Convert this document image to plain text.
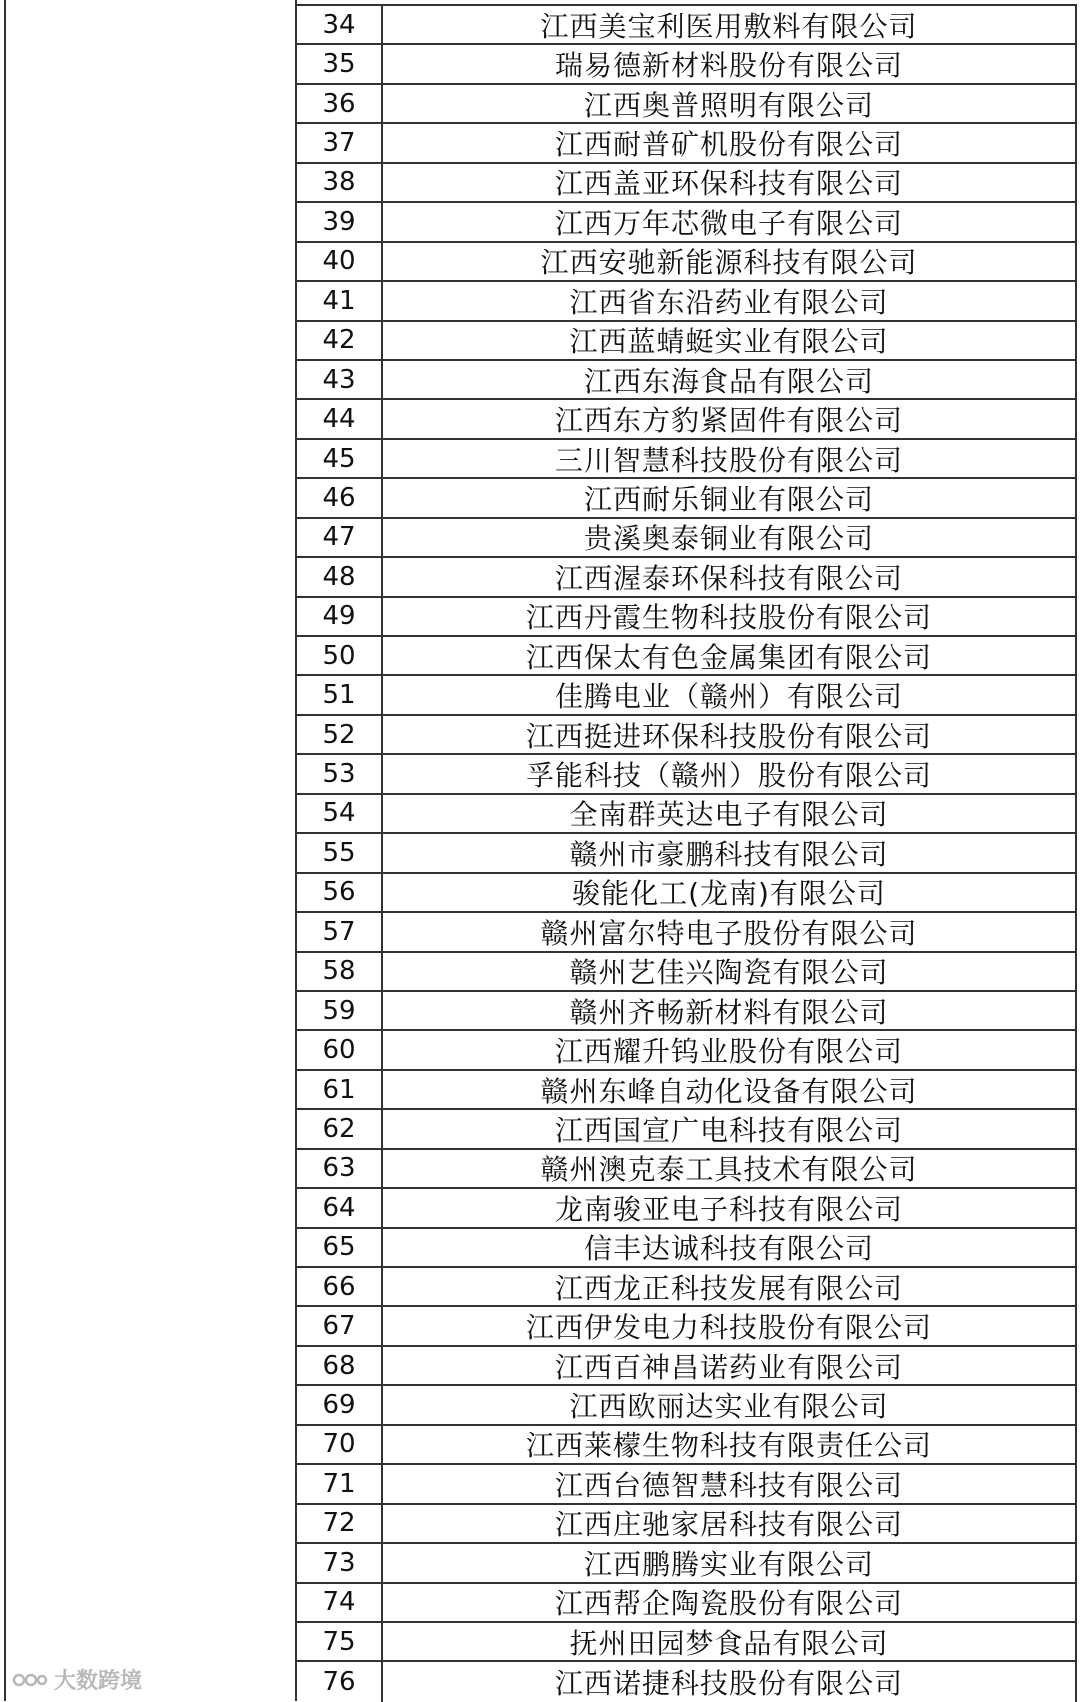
34	江西美宝利医用敷料有限公司
35	瑞易德新材料股份有限公司
36	江西奥普照明有限公司
37	江西耐普矿机股份有限公司
38	江西盖亚环保科技有限公司
39	江西万年芯微电子有限公司
40	江西安驰新能源科技有限公司
41	江西省东沿药业有限公司
42	江西蓝蜻蜓实业有限公司
43	江西东海食品有限公司
44	江西东方豹紧固件有限公司
45	三川智慧科技股份有限公司
46	江西耐乐铜业有限公司
47	贵溪奥泰铜业有限公司
48	江西渥泰环保科技有限公司
49	江西丹霞生物科技股份有限公司
50	江西保太有色金属集团有限公司
51	佳腾电业（赣州）有限公司
52	江西挺进环保科技股份有限公司
53	孚能科技（赣州）股份有限公司
54	全南群英达电子有限公司
55	赣州市豪鹏科技有限公司
56	骏能化工(龙南)有限公司
57	赣州富尔特电子股份有限公司
58	赣州艺佳兴陶瓷有限公司
59	赣州齐畅新材料有限公司
60	江西耀升钨业股份有限公司
61	赣州东峰自动化设备有限公司
62	江西国宣广电科技有限公司
63	赣州澳克泰工具技术有限公司
64	龙南骏亚电子科技有限公司
65	信丰达诚科技有限公司
66	江西龙正科技发展有限公司
67	江西伊发电力科技股份有限公司
68	江西百神昌诺药业有限公司
69	江西欧丽达实业有限公司
70	江西莱檬生物科技有限责任公司
71	江西台德智慧科技有限公司
72	江西庄驰家居科技有限公司
73	江西鹏腾实业有限公司
74	江西帮企陶瓷股份有限公司
75	抚州田园梦食品有限公司
76	江西诺捷科技股份有限公司
大数跨境
